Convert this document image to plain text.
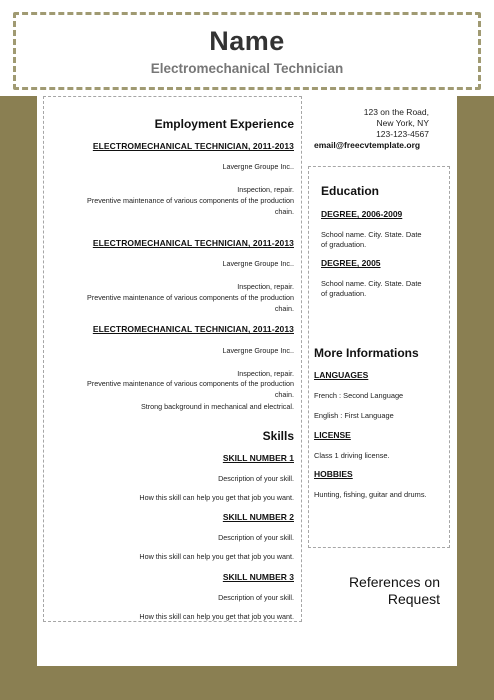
Name
Electromechanical Technician
123 on the Road,
New York, NY
123-123-4567
email@freecvtemplate.org
Employment Experience
ELECTROMECHANICAL TECHNICIAN, 2011-2013
Lavergne Groupe Inc..
Inspection, repair.
Preventive maintenance of various components of the production
chain.
ELECTROMECHANICAL TECHNICIAN, 2011-2013
Lavergne Groupe Inc..
Inspection, repair.
Preventive maintenance of various components of the production
chain.
ELECTROMECHANICAL TECHNICIAN, 2011-2013
Lavergne Groupe Inc..
Inspection, repair.
Preventive maintenance of various components of the production
chain.
Strong background in mechanical and electrical.
Skills
SKILL NUMBER 1
Description of your skill.
How this skill can help you get that job you want.
SKILL NUMBER 2
Description of your skill.
How this skill can help you get that job you want.
SKILL NUMBER 3
Description of your skill.
How this skill can help you get that job you want.
Education
DEGREE, 2006-2009
School name. City. State. Date
of graduation.
DEGREE, 2005
School name. City. State. Date
of graduation.
More Informations
LANGUAGES
French : Second Language
English : First Language
LICENSE
Class 1 driving license.
HOBBIES
Hunting, fishing, guitar and drums.
References on
Request
